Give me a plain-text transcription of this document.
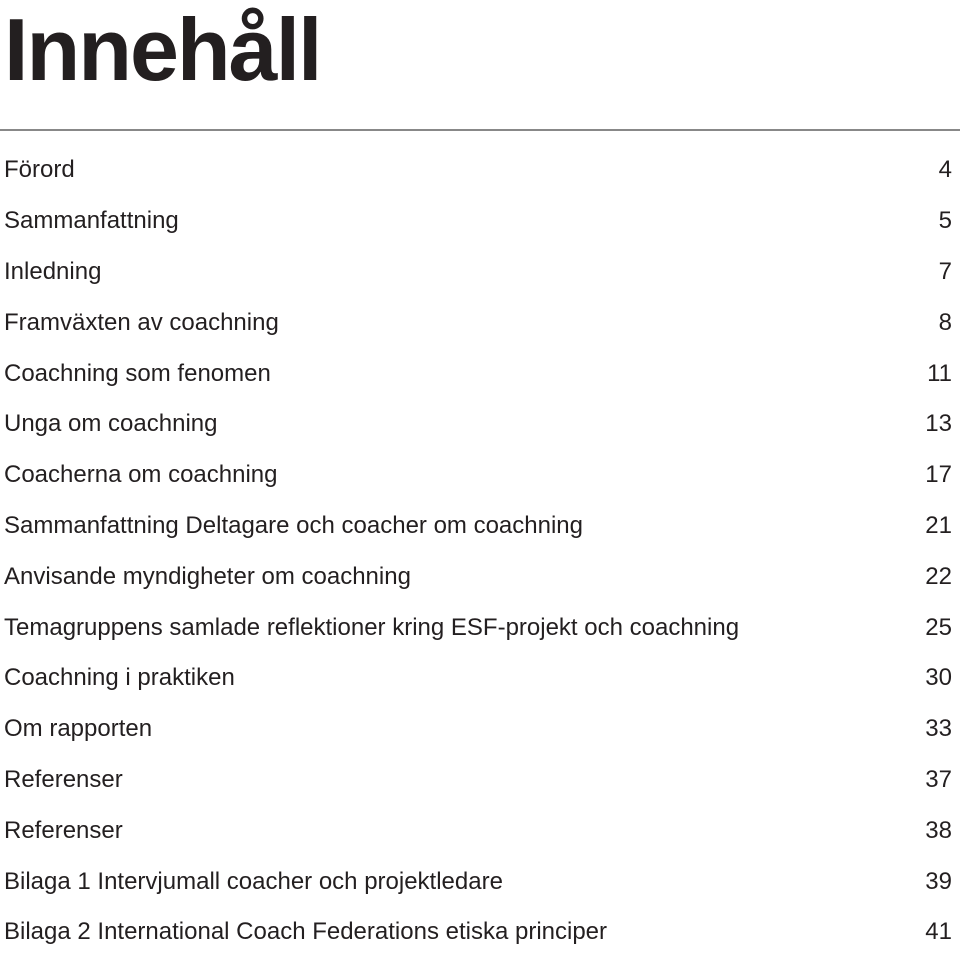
Innehåll
Förord	4
Sammanfattning	5
Inledning	7
Framväxten av coachning	8
Coachning som fenomen	11
Unga om coachning	13
Coacherna om coachning	17
Sammanfattning Deltagare och coacher om coachning	21
Anvisande myndigheter om coachning	22
Temagruppens samlade reflektioner kring ESF-projekt och coachning	25
Coachning i praktiken	30
Om rapporten	33
Referenser	37
Referenser	38
Bilaga 1 Intervjumall coacher och projektledare	39
Bilaga 2 International Coach Federations etiska principer	41
